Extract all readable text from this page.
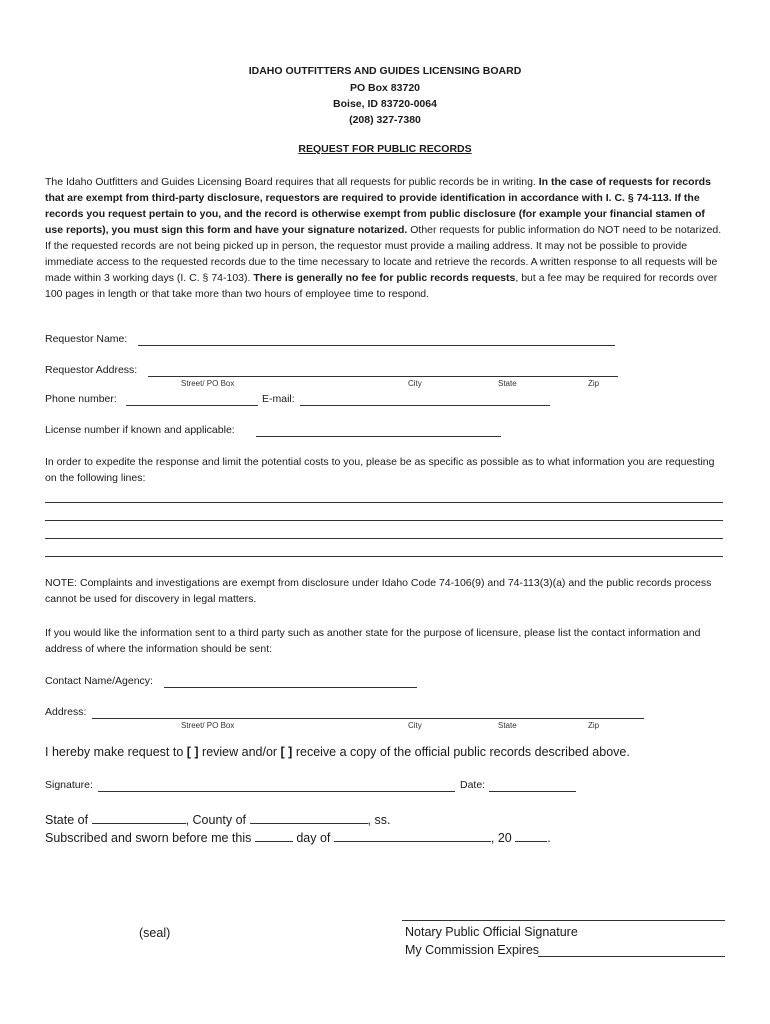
IDAHO OUTFITTERS AND GUIDES LICENSING BOARD
PO Box 83720
Boise, ID 83720-0064
(208) 327-7380
REQUEST FOR PUBLIC RECORDS
The Idaho Outfitters and Guides Licensing Board requires that all requests for public records be in writing. In the case of requests for records that are exempt from third-party disclosure, requestors are required to provide identification in accordance with I. C. § 74-113. If the records you request pertain to you, and the record is otherwise exempt from public disclosure (for example your financial stamen of use reports), you must sign this form and have your signature notarized. Other requests for public information do NOT need to be notarized. If the requested records are not being picked up in person, the requestor must provide a mailing address. It may not be possible to provide immediate access to the requested records due to the time necessary to locate and retrieve the records. A written response to all requests will be made within 3 working days (I. C. § 74-103). There is generally no fee for public records requests, but a fee may be required for records over 100 pages in length or that take more than two hours of employee time to respond.
Requestor Name:
Requestor Address:
Street/ PO Box	City	State	Zip
Phone number:	E-mail:
License number if known and applicable:
In order to expedite the response and limit the potential costs to you, please be as specific as possible as to what information you are requesting on the following lines:
NOTE: Complaints and investigations are exempt from disclosure under Idaho Code 74-106(9) and 74-113(3)(a) and the public records process cannot be used for discovery in legal matters.
If you would like the information sent to a third party such as another state for the purpose of licensure, please list the contact information and address of where the information should be sent:
Contact Name/Agency:
Address:
Street/ PO Box	City	State	Zip
I hereby make request to [ ] review and/or [ ] receive a copy of the official public records described above.
Signature:	Date:
State of	, County of	, ss.
Subscribed and sworn before me this	day of	, 20	.
(seal)	Notary Public Official Signature
My Commission Expires
